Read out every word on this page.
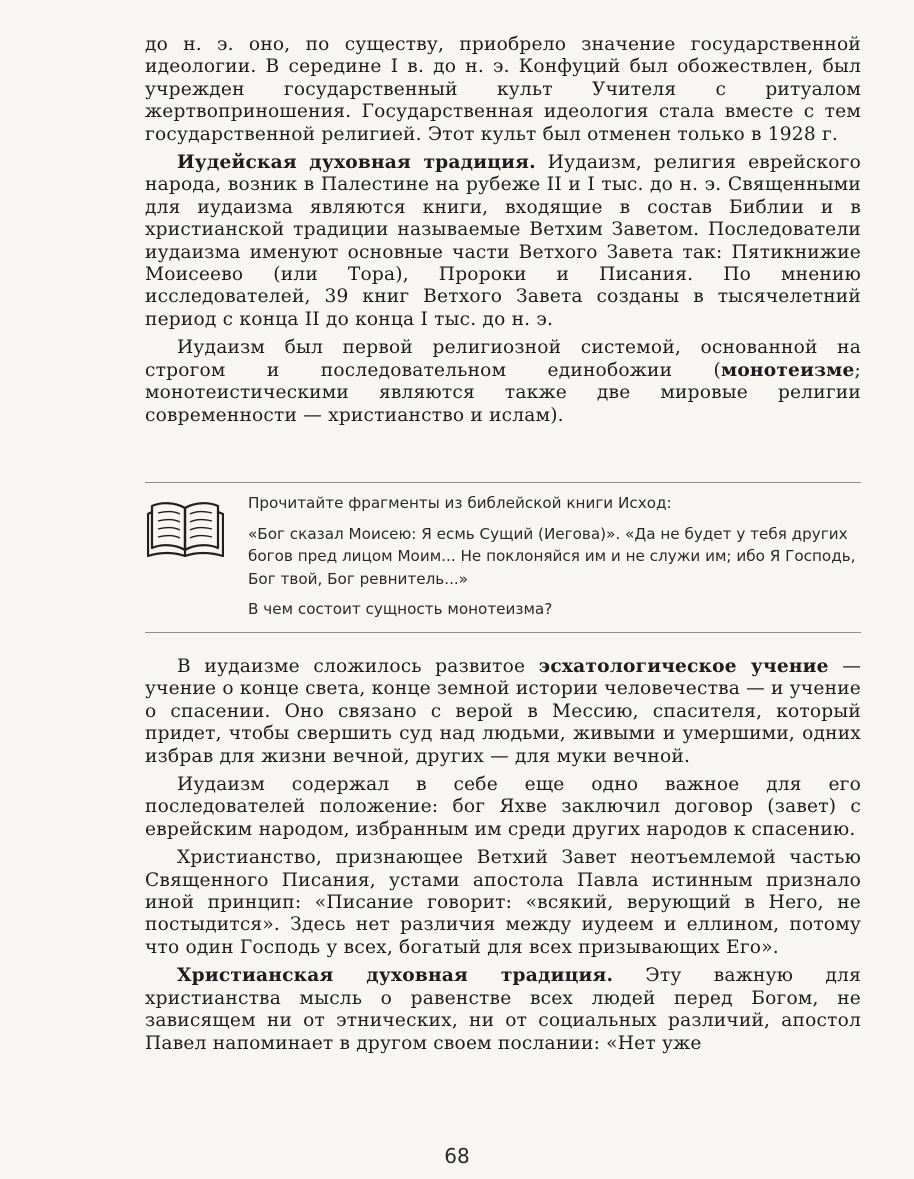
до н. э. оно, по существу, приобрело значение государственной идеологии. В середине I в. до н. э. Конфуций был обожествлен, был учрежден государственный культ Учителя с ритуалом жертвоприношения. Государственная идеология стала вместе с тем государственной религией. Этот культ был отменен только в 1928 г.

Иудейская духовная традиция. Иудаизм, религия еврейского народа, возник в Палестине на рубеже II и I тыс. до н. э. Священными для иудаизма являются книги, входящие в состав Библии и в христианской традиции называемые Ветхим Заветом. Последователи иудаизма именуют основные части Ветхого Завета так: Пятикнижие Моисеево (или Тора), Пророки и Писания. По мнению исследователей, 39 книг Ветхого Завета созданы в тысячелетний период с конца II до конца I тыс. до н. э.

Иудаизм был первой религиозной системой, основанной на строгом и последовательном единобожии (монотеизме; монотеистическими являются также две мировые религии современности — христианство и ислам).

Прочитайте фрагменты из библейской книги Исход:

«Бог сказал Моисею: Я есмь Сущий (Иегова)». «Да не будет у тебя других богов пред лицом Моим... Не поклоняйся им и не служи им; ибо Я Господь, Бог твой, Бог ревнитель...»

В чем состоит сущность монотеизма?

В иудаизме сложилось развитое эсхатологическое учение — учение о конце света, конце земной истории человечества — и учение о спасении. Оно связано с верой в Мессию, спасителя, который придет, чтобы свершить суд над людьми, живыми и умершими, одних избрав для жизни вечной, других — для муки вечной.

Иудаизм содержал в себе еще одно важное для его последователей положение: бог Яхве заключил договор (завет) с еврейским народом, избранным им среди других народов к спасению.

Христианство, признающее Ветхий Завет неотъемлемой частью Священного Писания, устами апостола Павла истинным признало иной принцип: «Писание говорит: «всякий, верующий в Него, не постыдится». Здесь нет различия между иудеем и еллином, потому что один Господь у всех, богатый для всех призывающих Его».

Христианская духовная традиция. Эту важную для христианства мысль о равенстве всех людей перед Богом, не зависящем ни от этнических, ни от социальных различий, апостол Павел напоминает в другом своем послании: «Нет уже

68
